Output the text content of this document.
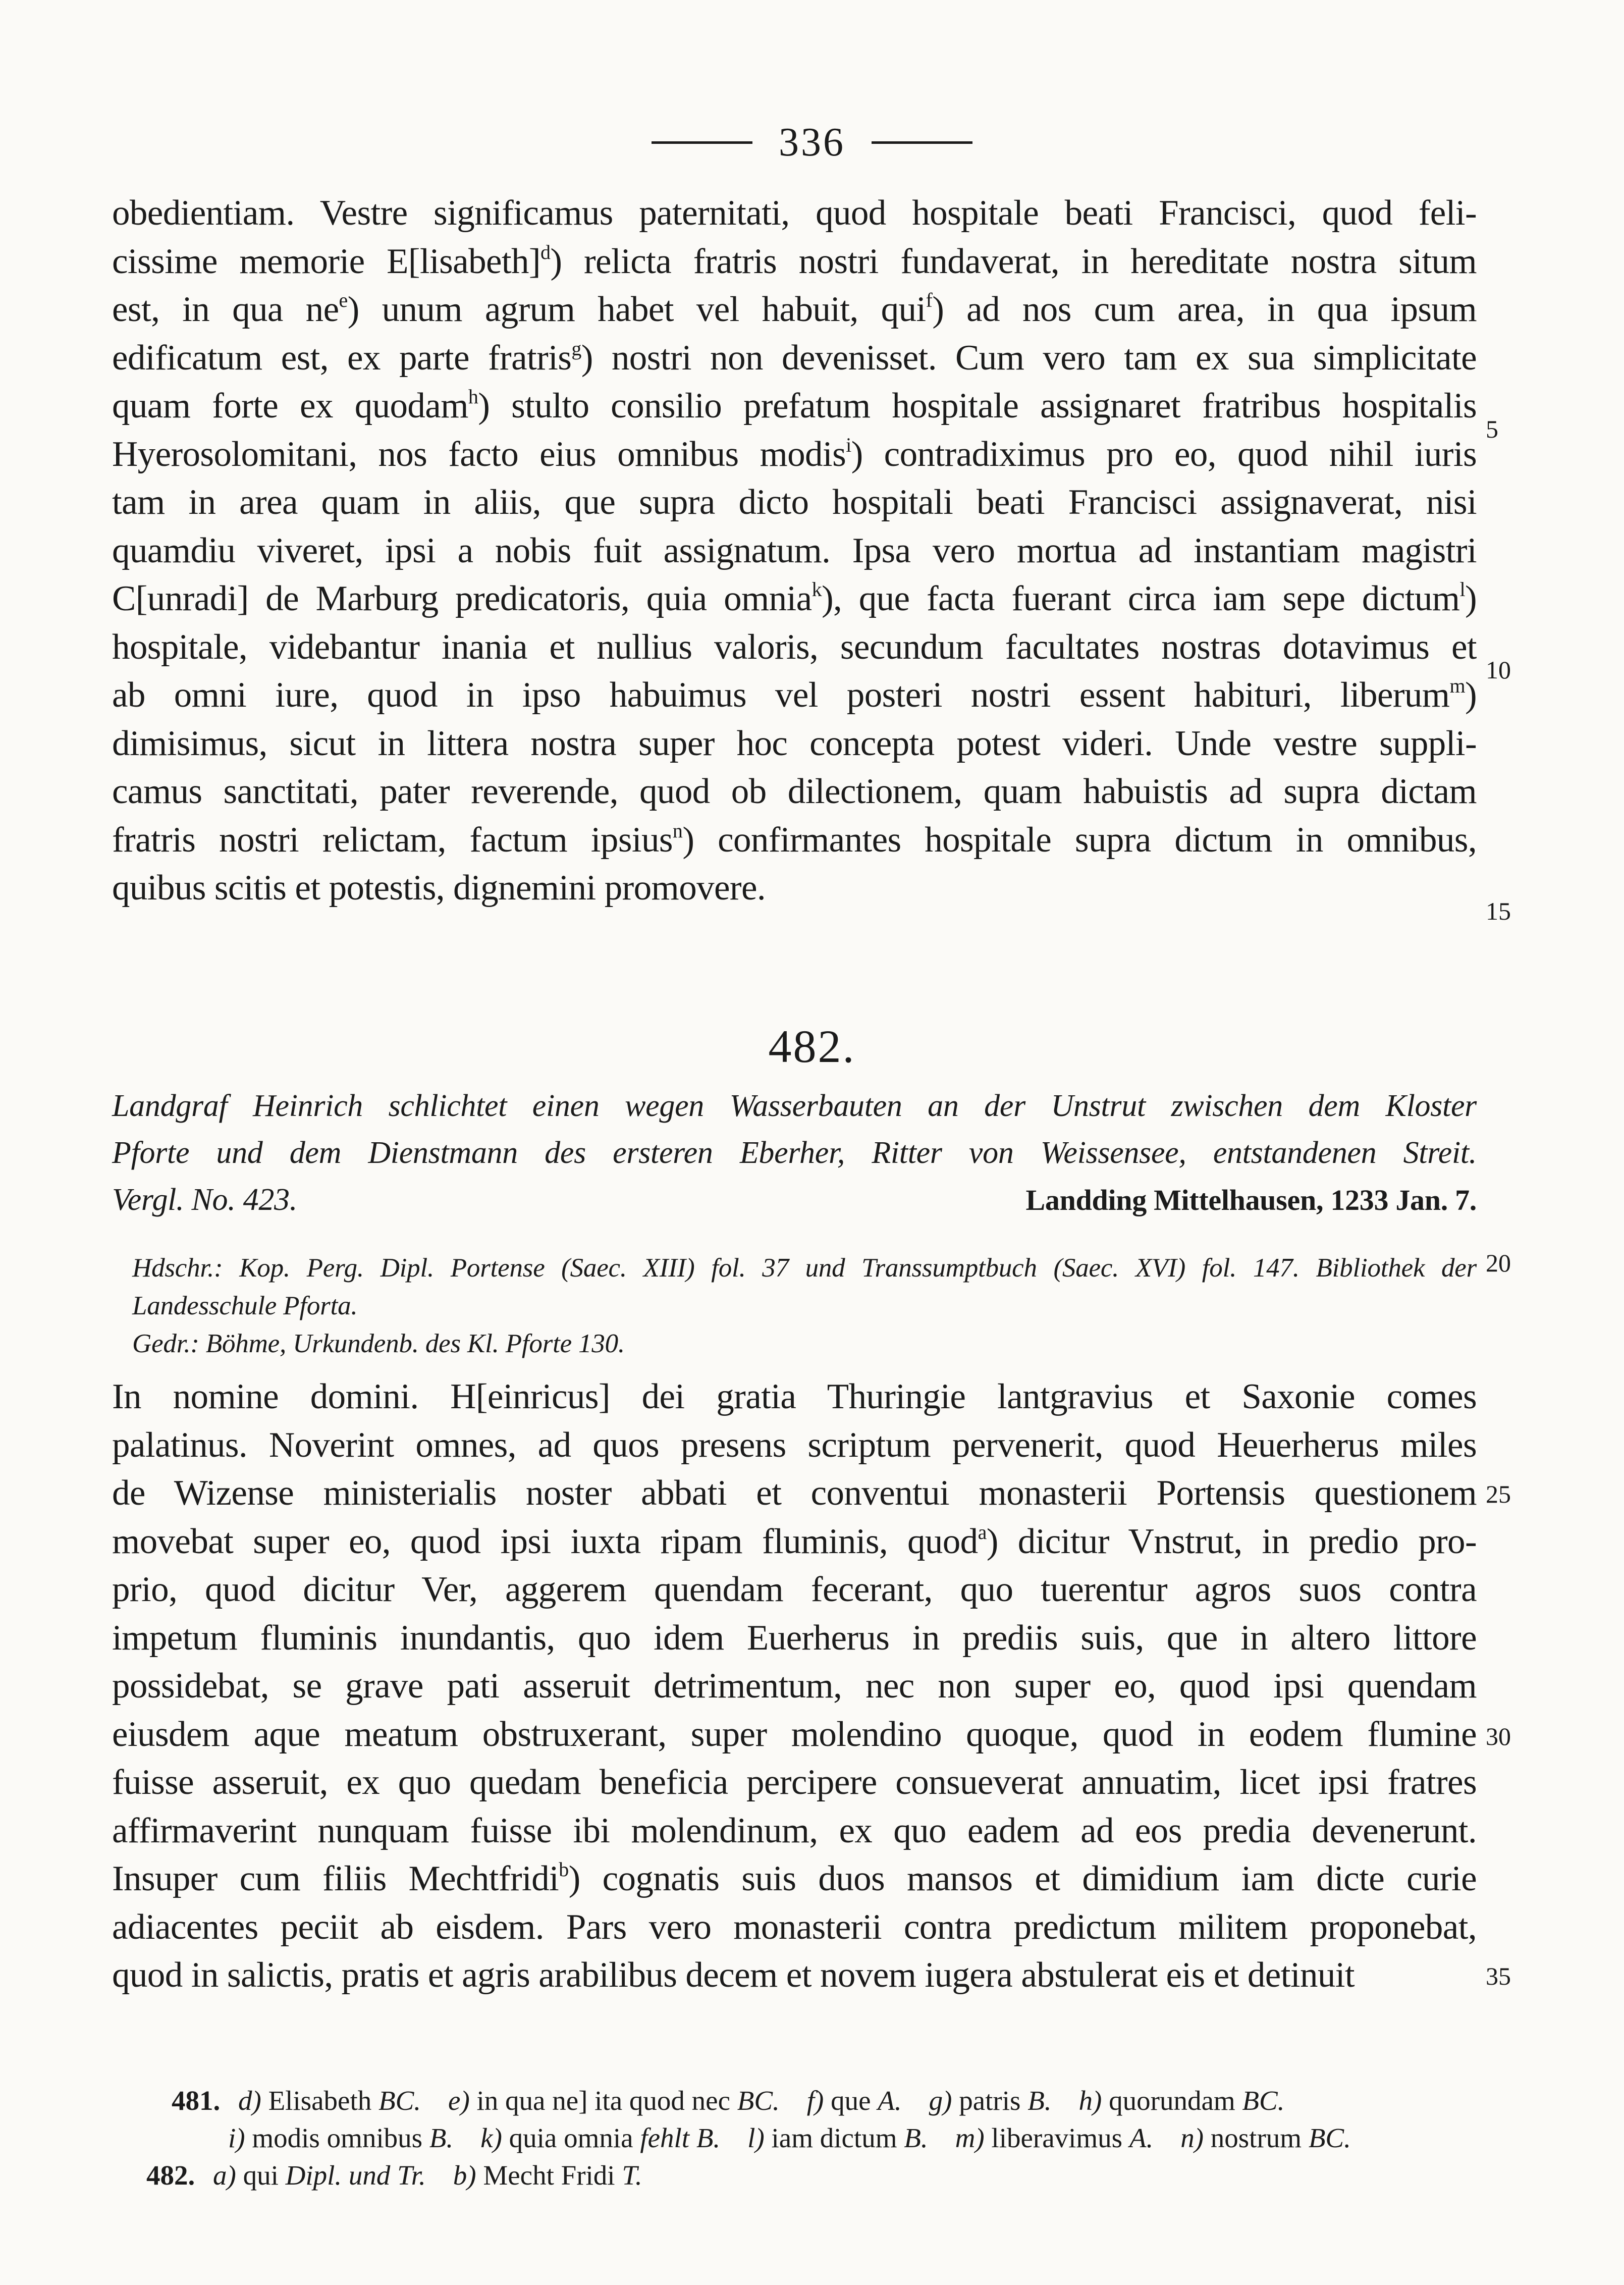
336
obedientiam. Vestre significamus paternitati, quod hospitale beati Francisci, quod feli-
cissime memorie E[lisabeth]$^d$) relicta fratris nostri fundaverat, in hereditate nostra situm
est, in qua $ne^e$) unum agrum habet vel habuit, qui$^f$) ad nos cum area, in qua ipsum
edificatum est, ex parte fratris$^g$) nostri non devenisset. Cum vero tam ex sua simplicitate
quam forte ex quodam$^h$) stulto consilio prefatum hospitale assignaret fratribus hospitalis
Hyerosolomitani, nos facto eius omnibus modis$^i$) contradiximus pro eo, quod nihil iuris
tam in area quam in aliis, que supra dicto hospitali beati Francisci assignaverat, nisi
quamdiu viveret, ipsi a nobis fuit assignatum. Ipsa vero mortua ad instantiam magistri
C[unradi] de Marburg predicatoris, quia omnia$^k$), que facta fuerant circa iam sepe dictum$^l$)
hospitale, videbantur inania et nullius valoris, secundum facultates nostras dotavimus et
ab omni iure, quod in ipso habuimus vel posteri nostri essent habituri, liberum$^m$)
dimisimus, sicut in littera nostra super hoc concepta potest videri. Unde vestre suppli-
camus sanctitati, pater reverende, quod ob dilectionem, quam habuistis ad supra dictam
fratris nostri relictam, factum ipsius$^n$) confirmantes hospitale supra dictum in omnibus,
quibus scitis et potestis, dignemini promovere.
5
10
15
482.
Landgraf Heinrich schlichtet einen wegen Wasserbauten an der Unstrut zwischen dem Kloster
Pforte und dem Dienstmann des ersteren Eberher, Ritter von Weissensee, entstandenen Streit.
Vergl. No. 423.	Landding Mittelhausen, 1233 Jan. 7.
Hdschr.: Kop. Perg. Dipl. Portense (Saec. XIII) fol. 37 und Transsumptbuch (Saec. XVI) fol. 147. Bibliothek der
Landesschule Pforta.
Gedr.: Böhme, Urkundenb. des Kl. Pforte 130.
20
In nomine domini. H[einricus] dei gratia Thuringie lantgravius et Saxonie comes
palatinus. Noverint omnes, ad quos presens scriptum pervenerit, quod Heuerherus miles
de Wizense ministerialis noster abbati et conventui monasterii Portensis questionem
movebat super eo, quod ipsi iuxta ripam fluminis, quod$^a$) dicitur Vnstrut, in predio pro-
prio, quod dicitur Ver, aggerem quendam fecerant, quo tuerentur agros suos contra
impetum fluminis inundantis, quo idem Euerherus in prediis suis, que in altero littore
possidebat, se grave pati asseruit detrimentum, nec non super eo, quod ipsi quendam
eiusdem aque meatum obstruxerant, super molendino quoque, quod in eodem flumine
fuisse asseruit, ex quo quedam beneficia percipere consueverat annuatim, licet ipsi fratres
affirmaverint nunquam fuisse ibi molendinum, ex quo eadem ad eos predia devenerunt.
Insuper cum filiis Mechtfridi$^b$) cognatis suis duos mansos et dimidium iam dicte curie
adiacentes peciit ab eisdem. Pars vero monasterii contra predictum militem proponebat,
quod in salictis, pratis et agris arabilibus decem et novem iugera abstulerat eis et detinuit
25
30
35
481. d) Elisabeth BC. e) in qua ne] ita quod nec BC. f) que A. g) patris B. h) quorundam BC.
i) modis omnibus B. k) quia omnia fehlt B. l) iam dictum B. m) liberavimus A. n) nostrum BC.
482. a) qui Dipl. und Tr. b) Mecht Fridi T.
